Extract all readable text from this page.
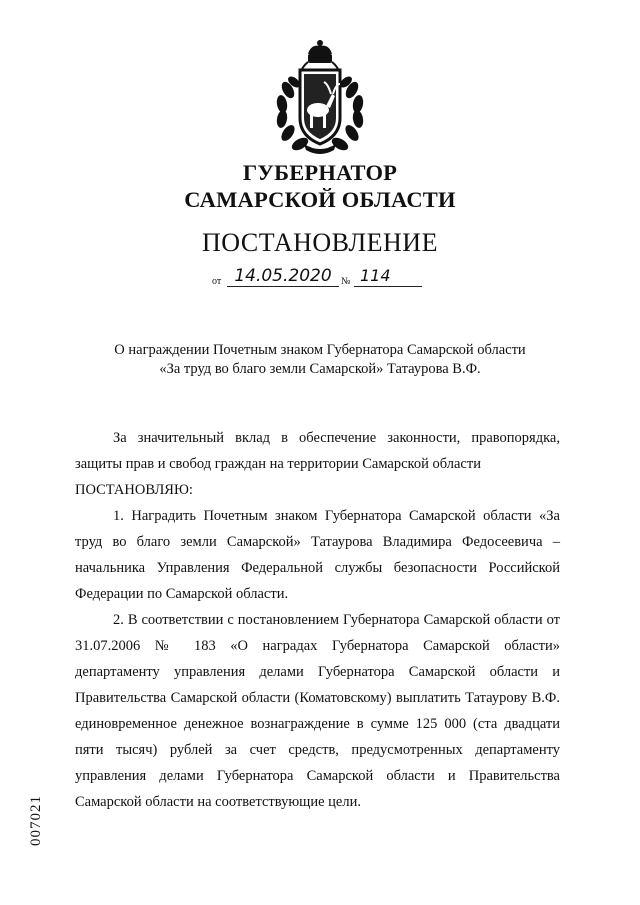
ГУБЕРНАТОР
САМАРСКОЙ ОБЛАСТИ
ПОСТАНОВЛЕНИЕ
от 14.05.2020 № 114
О награждении Почетным знаком Губернатора Самарской области
«За труд во благо земли Самарской» Татаурова В.Ф.

За значительный вклад в обеспечение законности, правопорядка, защиты прав и свобод граждан на территории Самарской области

ПОСТАНОВЛЯЮ:

1. Наградить Почетным знаком Губернатора Самарской области «За труд во благо земли Самарской» Татаурова Владимира Федосеевича – начальника Управления Федеральной службы безопасности Российской Федерации по Самарской области.

2. В соответствии с постановлением Губернатора Самарской области от 31.07.2006 № 183 «О наградах Губернатора Самарской области» департаменту управления делами Губернатора Самарской области и Правительства Самарской области (Коматовскому) выплатить Татаурову В.Ф. единовременное денежное вознаграждение в сумме 125 000 (ста двадцати пяти тысяч) рублей за счет средств, предусмотренных департаменту управления делами Губернатора Самарской области и Правительства Самарской области на соответствующие цели.

007021
